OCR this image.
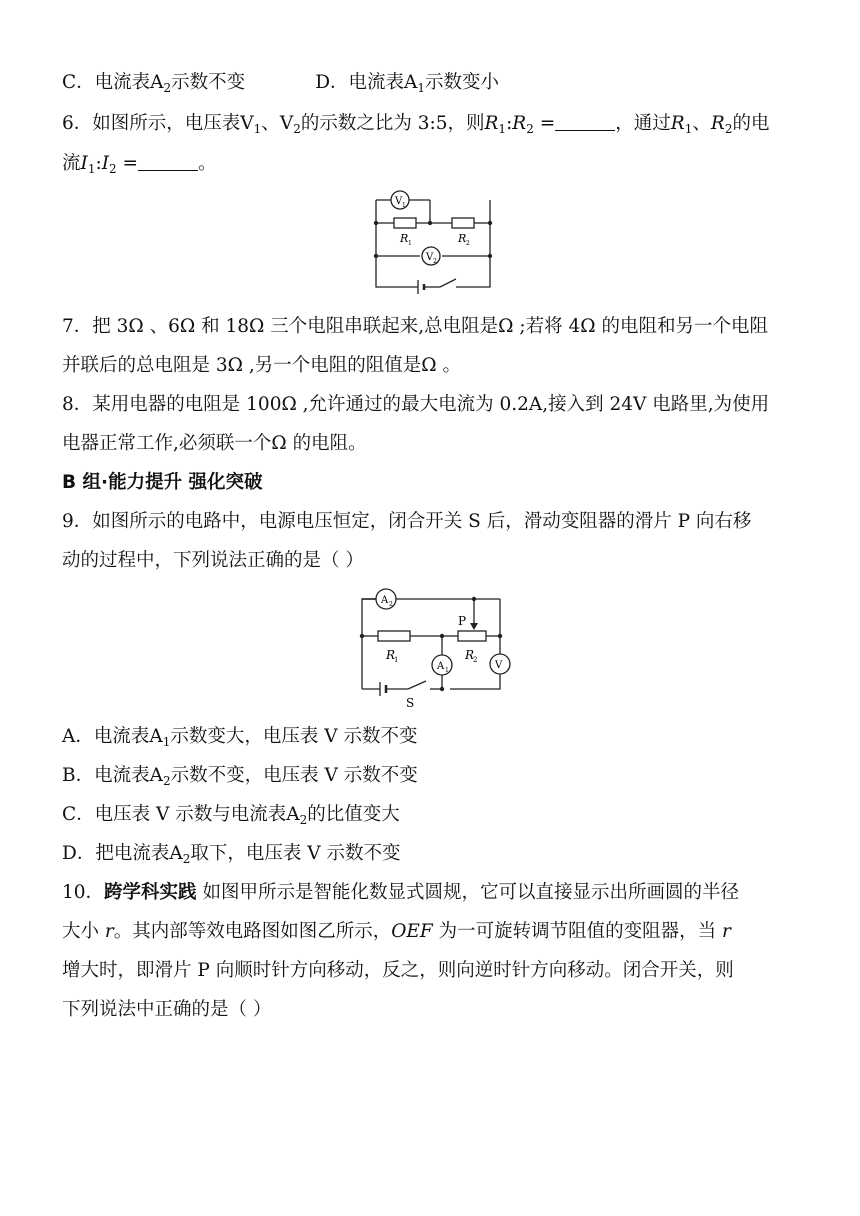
C．电流表$A_2$示数不变	D．电流表$A_1$示数变小
6．如图所示，电压表$V_1$、$V_2$的示数之比为 3:5，则$R_1:R_2$ =	，通过$R_1$、$R_2$的电
流$I_1:I_2$ =	。
V 1
V 2
R 1	R 2
7．把 3Ω 、6Ω 和 18Ω 三个电阻串联起来,总电阻是Ω ;若将 4Ω 的电阻和另一个电阻
并联后的总电阻是 3Ω ,另一个电阻的阻值是Ω 。
8．某用电器的电阻是 100Ω ,允许通过的最大电流为 0.2A,接入到 24V 电路里,为使用
电器正常工作,必须联一个Ω 的电阻。
B 组·能力提升 强化突破
9．如图所示的电路中，电源电压恒定，闭合开关 S 后，滑动变阻器的滑片 P 向右移
动的过程中，下列说法正确的是（ ）
A 2
A 1	V
P
R
1	R
2
S
A．电流表$A_1$示数变大，电压表 V 示数不变
B．电流表$A_2$示数不变，电压表 V 示数不变
C．电压表 V 示数与电流表$A_2$的比值变大
D．把电流表$A_2$取下，电压表 V 示数不变
10．跨学科实践 如图甲所示是智能化数显式圆规，它可以直接显示出所画圆的半径
大小 r。其内部等效电路图如图乙所示，OEF 为一可旋转调节阻值的变阻器，当 r
增大时，即滑片 P 向顺时针方向移动，反之，则向逆时针方向移动。闭合开关，则
下列说法中正确的是（ ）
